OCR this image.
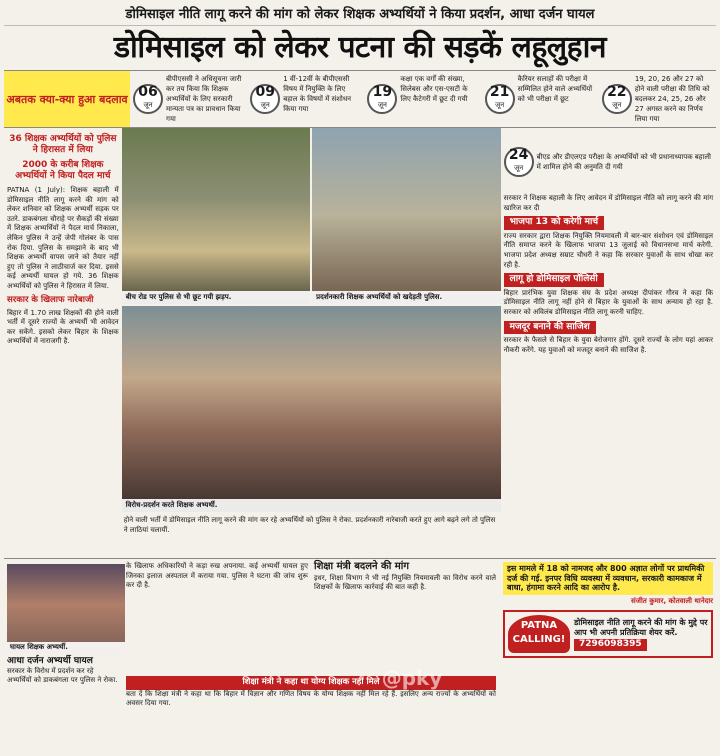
डोमिसाइल नीति लागू करने की मांग को लेकर शिक्षक अभ्यर्थियों ने किया प्रदर्शन, आधा दर्जन घायल
डोमिसाइल को लेकर पटना की सड़कें लहूलुहान
अबतक क्या-क्या हुआ बदलाव 06
जून
बीपीएससी ने अधिसूचना जारी कर तय किया कि शिक्षक अभ्यर्थियों के लिए सरकारी मान्यता पत्र का प्रावधान किया गया
09
जून
1 वीं-12वीं के बीपीएससी विषय में नियुक्ति के लिए बहाल के विषयों में संशोधन किया गया
19
जून
कक्षा एक वर्गों की संख्या, सिलेबस और एस-एसटी के लिए कैटेगरी में छूट दी गयी	21
जून
कैरियर सलाहों की परीक्षा में सम्मिलित होने वाले अभ्यर्थियों को भी परीक्षा में छूट	22
जून
19, 20, 26 और 27 को होने वाली परीक्षा की तिथि को बदलकर 24, 25, 26 और 27 अगस्त करने का निर्णय लिया गया
36 शिक्षक अभ्यर्थियों को पुलिस ने हिरासत में लिया
2000 के करीब शिक्षक अभ्यर्थियों ने किया पैदल मार्च

PATNA (1 July): शिक्षक बहाली में डोमिसाइल नीति लागू करने की मांग को लेकर शनिवार को शिक्षक अभ्यर्थी सड़क पर उतरे. डाकबंगला चौराहे पर सैकड़ों की संख्या में शिक्षक अभ्यर्थियों ने पैदल मार्च निकाला, लेकिन पुलिस ने उन्हें जेपी गोलंबर के पास रोक दिया. पुलिस के समझाने के बाद भी शिक्षक अभ्यर्थी वापस जाने को तैयार नहीं हुए तो पुलिस ने लाठीचार्ज कर दिया. इससे कई अभ्यर्थी घायल हो गये. 36 शिक्षक अभ्यर्थियों को पुलिस ने हिरासत में लिया.

सरकार के खिलाफ नारेबाजी

बिहार में 1.70 लाख शिक्षकों की होने वाली भर्ती में दूसरे राज्यों के अभ्यर्थी भी आवेदन कर सकेंगे. इसको लेकर बिहार के शिक्षक अभ्यर्थियों में नाराजगी है.

बीच रोड पर पुलिस से भी छूट गयी झड़प.	प्रदर्शनकारी शिक्षक अभ्यर्थियों को खदेड़ती पुलिस.
@pky
विरोध-प्रदर्शन करते शिक्षक अभ्यर्थी.
होने वाली भर्ती में डोमिसाइल नीति लागू करने की मांग कर रहे अभ्यर्थियों को पुलिस ने रोका. प्रदर्शनकारी नारेबाजी करते हुए आगे बढ़ने लगे तो पुलिस ने लाठियां चलायीं.
24
जून
बीएड और डीएलएड परीक्षा के अभ्यर्थियों को भी प्रधानाध्यापक बहाली में शामिल होने की अनुमति दी गयी

सरकार ने शिक्षक बहाली के लिए आवेदन में डोमिसाइल नीति को लागू करने की मांग खारिज कर दी

भाजपा 13 को करेगी मार्च

राज्य सरकार द्वारा शिक्षक नियुक्ति नियमावली में बार-बार संशोधन एवं डोमिसाइल नीति समाप्त करने के खिलाफ भाजपा 13 जुलाई को विधानसभा मार्च करेगी. भाजपा प्रदेश अध्यक्ष सम्राट चौधरी ने कहा कि सरकार युवाओं के साथ धोखा कर रही है.

लागू हो डोमिसाइल पॉलिसी

बिहार प्रारंभिक युवा शिक्षक संघ के प्रदेश अध्यक्ष दीपांकर गौरव ने कहा कि डोमिसाइल नीति लागू नहीं होने से बिहार के युवाओं के साथ अन्याय हो रहा है. सरकार को अविलंब डोमिसाइल नीति लागू करनी चाहिए.

मजदूर बनाने की साजिश

सरकार के फैसले से बिहार के युवा बेरोजगार होंगे. दूसरे राज्यों के लोग यहां आकर नौकरी करेंगे. यह युवाओं को मजदूर बनाने की साजिश है.

घायल शिक्षक अभ्यर्थी.
आधा दर्जन अभ्यर्थी घायल

सरकार के विरोध में प्रदर्शन कर रहे अभ्यर्थियों को डाकबंगला पर पुलिस ने रोका.

के खिलाफ अधिकारियों ने कड़ा रुख अपनाया. कई अभ्यर्थी घायल हुए जिनका इलाज अस्पताल में कराया गया. पुलिस ने घटना की जांच शुरू कर दी है.

शिक्षा मंत्री बदलने की मांग

इधर, शिक्षा विभाग ने भी नई नियुक्ति नियमावली का विरोध करने वाले शिक्षकों के खिलाफ कार्रवाई की बात कही है.

शिक्षा मंत्री ने कहा था योग्य शिक्षक नहीं मिले

बता दें कि शिक्षा मंत्री ने कहा था कि बिहार में विज्ञान और गणित विषय के योग्य शिक्षक नहीं मिल रहे हैं. इसलिए अन्य राज्यों के अभ्यर्थियों को अवसर दिया गया.

इस मामले में 18 को नामजद और 800 अज्ञात लोगों पर प्राथमिकी दर्ज की गई. इनपर विधि व्यवस्था में व्यवधान, सरकारी कामकाज में बाधा, हंगामा करने आदि का आरोप है.
संजीत कुमार, कोतवाली थानेदार
PATNA CALLING!
डोमिसाइल नीति लागू करने की मांग के मुद्दे पर आप भी अपनी प्रतिक्रिया शेयर करें.
7296098395
